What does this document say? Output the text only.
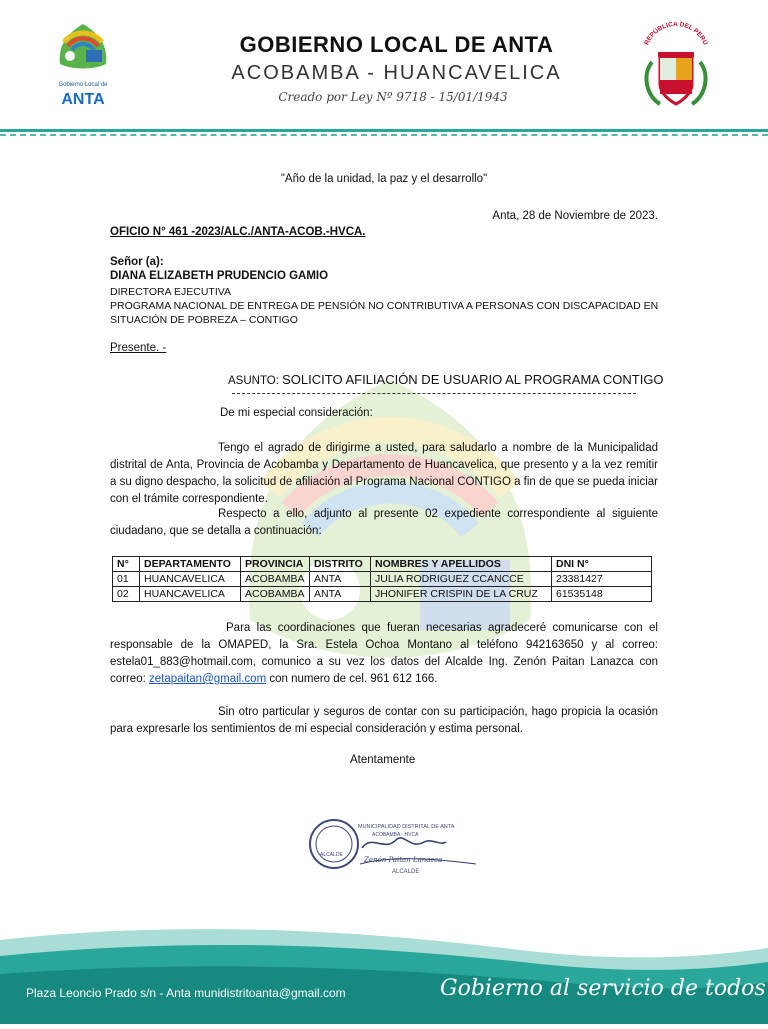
Gobierno Local de
ANTA
GOBIERNO LOCAL DE ANTA
ACOBAMBA - HUANCAVELICA
Creado por Ley Nº 9718 - 15/01/1943
REPÚBLICA DEL PERÚ
"Año de la unidad, la paz y el desarrollo"
Anta, 28 de Noviembre de 2023.
OFICIO N° 461 -2023/ALC./ANTA-ACOB.-HVCA.
Señor (a):
DIANA ELIZABETH PRUDENCIO GAMIO
DIRECTORA EJECUTIVA
PROGRAMA NACIONAL DE ENTREGA DE PENSIÓN NO CONTRIBUTIVA A PERSONAS CON DISCAPACIDAD EN SITUACIÓN DE POBREZA – CONTIGO
Presente. -
ASUNTO: SOLICITO AFILIACIÓN DE USUARIO AL PROGRAMA CONTIGO
De mi especial consideración:
Tengo el agrado de dirigirme a usted, para saludarlo a nombre de la Municipalidad distrital de Anta, Provincia de Acobamba y Departamento de Huancavelica, que presento y a la vez remitir a su digno despacho, la solicitud de afiliación al Programa Nacional CONTIGO a fin de que se pueda iniciar con el trámite correspondiente.
Respecto a ello, adjunto al presente 02 expediente correspondiente al siguiente ciudadano, que se detalla a continuación:
N°	DEPARTAMENTO	PROVINCIA	DISTRITO	NOMBRES Y APELLIDOS	DNI N°
01	HUANCAVELICA	ACOBAMBA	ANTA	JULIA RODRIGUEZ CCANCCE	23381427
02	HUANCAVELICA	ACOBAMBA	ANTA	JHONIFER CRISPIN DE LA CRUZ	61535148
Para las coordinaciones que fueran necesarias agradeceré comunicarse con el responsable de la OMAPED, la Sra. Estela Ochoa Montano al teléfono 942163650 y al correo: estela01_883@hotmail.com, comunico a su vez los datos del Alcalde Ing. Zenón Paitan Lanazca con correo: zetapaitan@gmail.com con numero de cel. 961 612 166.
Sin otro particular y seguros de contar con su participación, hago propicia la ocasión para expresarle los sentimientos de mi especial consideración y estima personal.
Atentamente
MUNICIPALIDAD DISTRITAL DE ANTA
ACOBAMBA - HVCA
ALCALDE
Zenón Paitan Lanazca
ALCALDE
Plaza Leoncio Prado s/n - Anta munidistritoanta@gmail.com	Gobierno al servicio de todos
